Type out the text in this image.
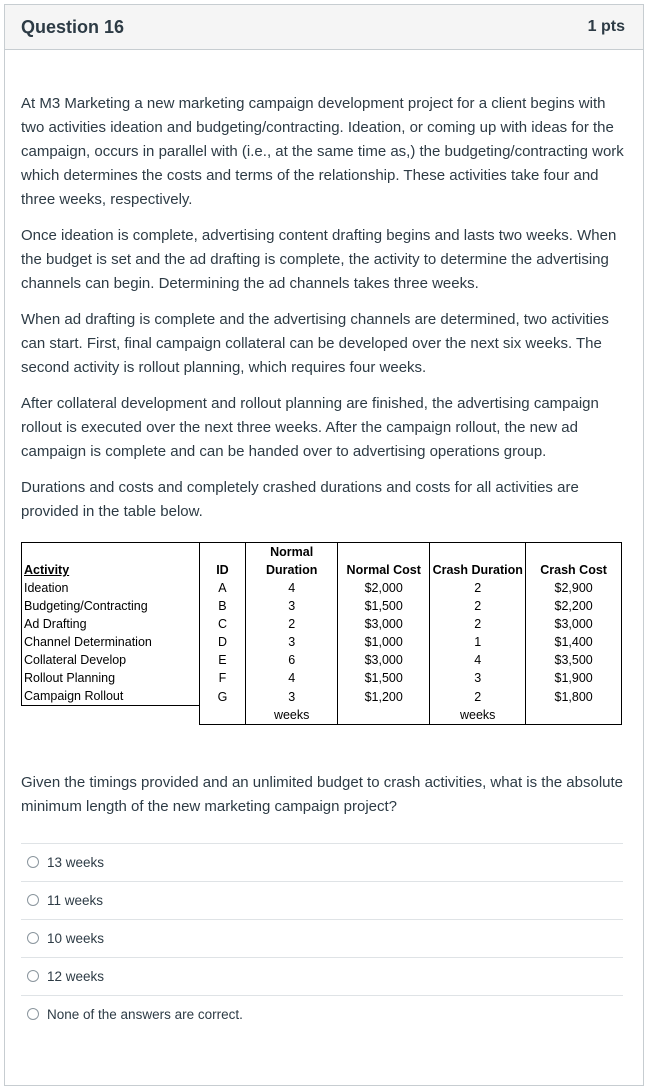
Question 16	1 pts

At M3 Marketing a new marketing campaign development project for a client begins with two activities ideation and budgeting/contracting. Ideation, or coming up with ideas for the campaign, occurs in parallel with (i.e., at the same time as,) the budgeting/contracting work which determines the costs and terms of the relationship. These activities take four and three weeks, respectively.

Once ideation is complete, advertising content drafting begins and lasts two weeks. When the budget is set and the ad drafting is complete, the activity to determine the advertising channels can begin. Determining the ad channels takes three weeks.

When ad drafting is complete and the advertising channels are determined, two activities can start. First, final campaign collateral can be developed over the next six weeks. The second activity is rollout planning, which requires four weeks.

After collateral development and rollout planning are finished, the advertising campaign rollout is executed over the next three weeks. After the campaign rollout, the new ad campaign is complete and can be handed over to advertising operations group.

Durations and costs and completely crashed durations and costs for all activities are provided in the table below.

		Normal			
Activity	ID	Duration	Normal Cost	Crash Duration	Crash Cost
Ideation	A	4	$2,000	2	$2,900
Budgeting/Contracting	B	3	$1,500	2	$2,200
Ad Drafting	C	2	$3,000	2	$3,000
Channel Determination	D	3	$1,000	1	$1,400
Collateral Develop	E	6	$3,000	4	$3,500
Rollout Planning	F	4	$1,500	3	$1,900
Campaign Rollout	G	3	$1,200	2	$1,800
		weeks		weeks	

Given the timings provided and an unlimited budget to crash activities, what is the absolute minimum length of the new marketing campaign project?

13 weeks
11 weeks
10 weeks
12 weeks
None of the answers are correct.
